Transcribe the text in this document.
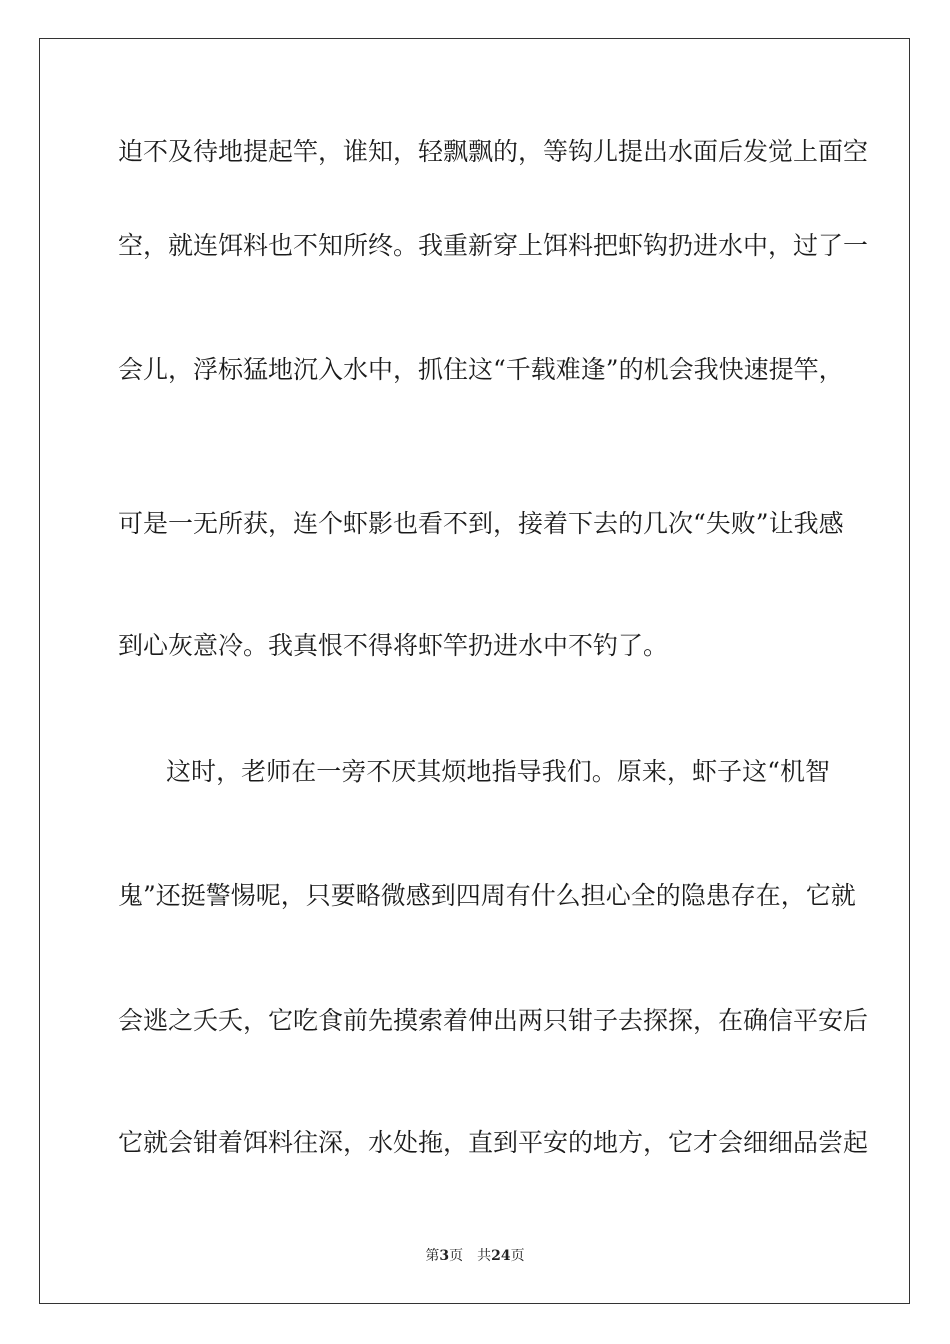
迫不及待地提起竿，谁知，轻飘飘的，等钩儿提出水面后发觉上面空
空，就连饵料也不知所终。我重新穿上饵料把虾钩扔进水中，过了一
会儿，浮标猛地沉入水中，抓住这“千载难逢”的机会我快速提竿，
可是一无所获，连个虾影也看不到，接着下去的几次“失败”让我感
到心灰意冷。我真恨不得将虾竿扔进水中不钓了。
这时，老师在一旁不厌其烦地指导我们。原来，虾子这“机智
鬼”还挺警惕呢，只要略微感到四周有什么担心全的隐患存在，它就
会逃之夭夭，它吃食前先摸索着伸出两只钳子去探探，在确信平安后
它就会钳着饵料往深，水处拖，直到平安的地方，它才会细细品尝起
第3页 共24页
